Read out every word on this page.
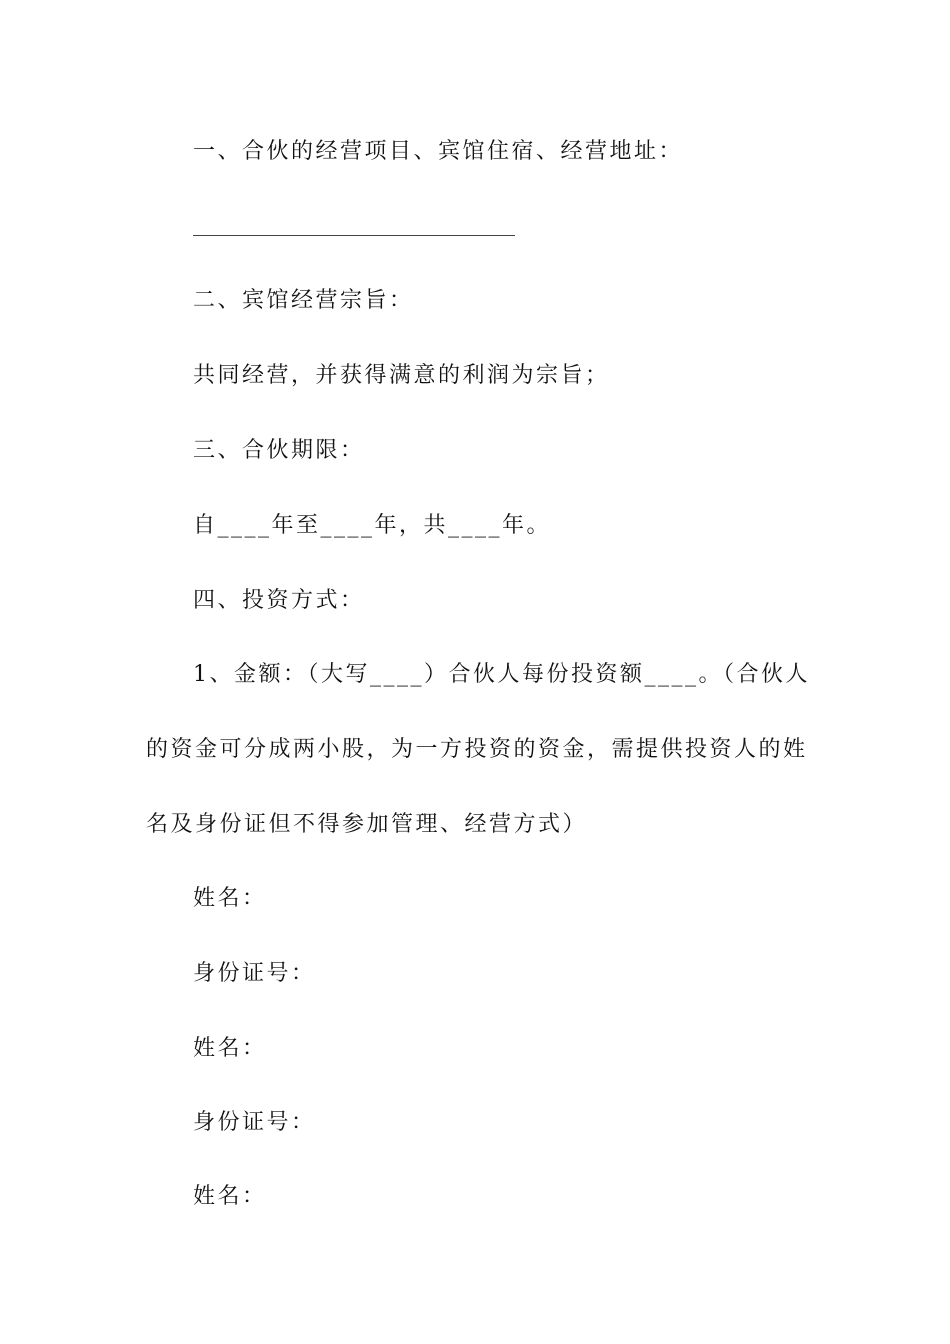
一、合伙的经营项目、宾馆住宿、经营地址：
二、宾馆经营宗旨：
共同经营，并获得满意的利润为宗旨；
三、合伙期限：
自____年至____年，共____年。
四、投资方式：
1、金额：（大写____）合伙人每份投资额____。（合伙人
的资金可分成两小股，为一方投资的资金，需提供投资人的姓
名及身份证但不得参加管理、经营方式）
姓名：
身份证号：
姓名：
身份证号：
姓名：
